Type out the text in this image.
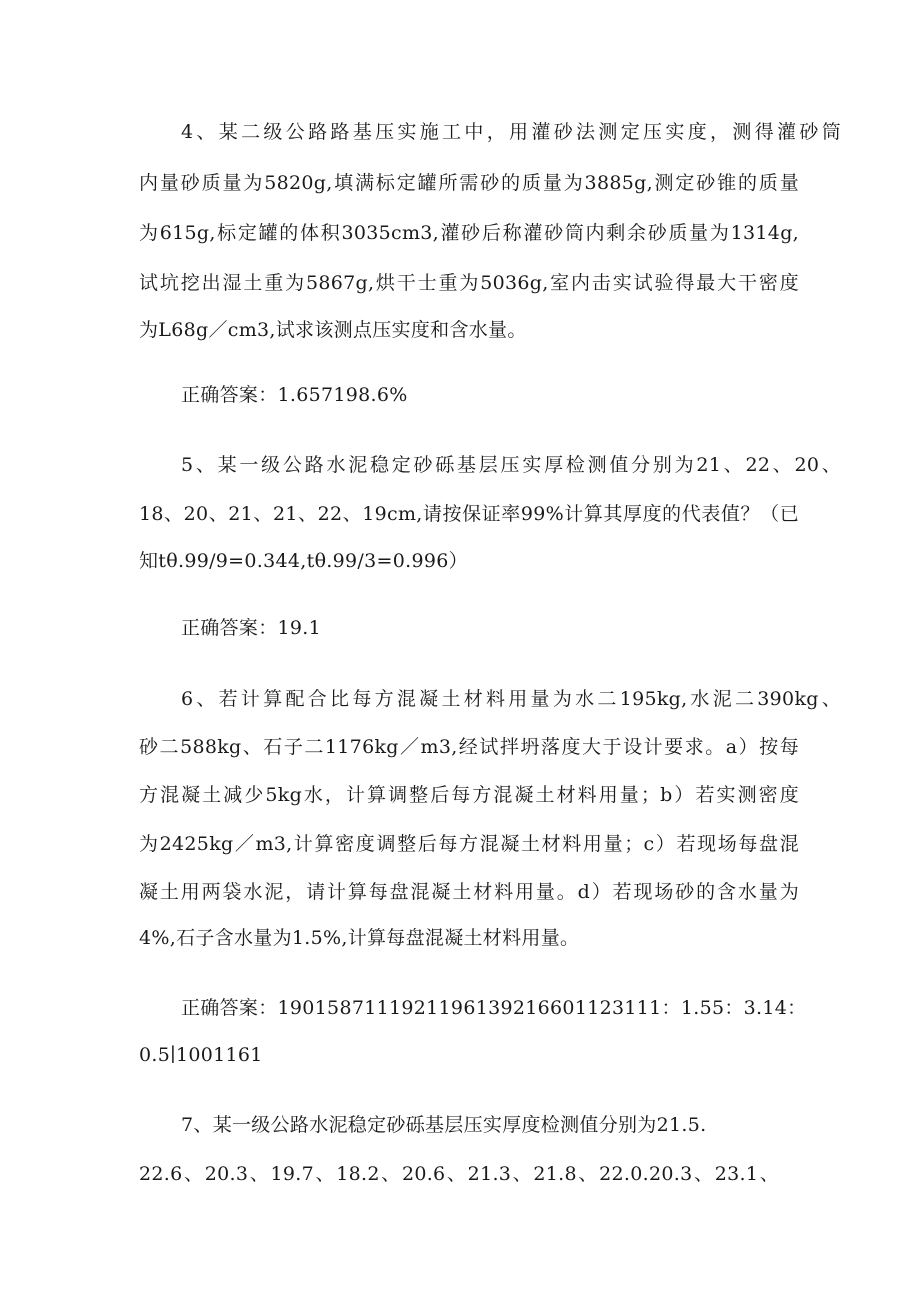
4、某二级公路路基压实施工中，用灌砂法测定压实度，测得灌砂筒
内量砂质量为5820g,填满标定罐所需砂的质量为3885g,测定砂锥的质量
为615g,标定罐的体积3035cm3,灌砂后称灌砂筒内剩余砂质量为1314g,
试坑挖出湿土重为5867g,烘干士重为5036g,室内击实试验得最大干密度
为L68g／cm3,试求该测点压实度和含水量。
正确答案：1.657198.6%
5、某一级公路水泥稳定砂砾基层压实厚检测值分别为21、22、20、
18、20、21、21、22、19cm,请按保证率99%计算其厚度的代表值？（已
知tθ.99/9=0.344,tθ.99/3=0.996）
正确答案：19.1
6、若计算配合比每方混凝土材料用量为水二195kg,水泥二390kg、
砂二588kg、石子二1176kg／m3,经试拌坍落度大于设计要求。a）按每
方混凝土减少5kg水，计算调整后每方混凝土材料用量；b）若实测密度
为2425kg／m3,计算密度调整后每方混凝土材料用量；c）若现场每盘混
凝土用两袋水泥，请计算每盘混凝土材料用量。d）若现场砂的含水量为
4%,石子含水量为1.5%,计算每盘混凝土材料用量。
正确答案：19015871119211961392166011231​11：1.55：3.14：
0.5∣1001161
7、某一级公路水泥稳定砂砾基层压实厚度检测值分别为21.5.
22.6、20.3、19.7、18.2、20.6、21.3、21.8、22.0.20.3、23.1、
